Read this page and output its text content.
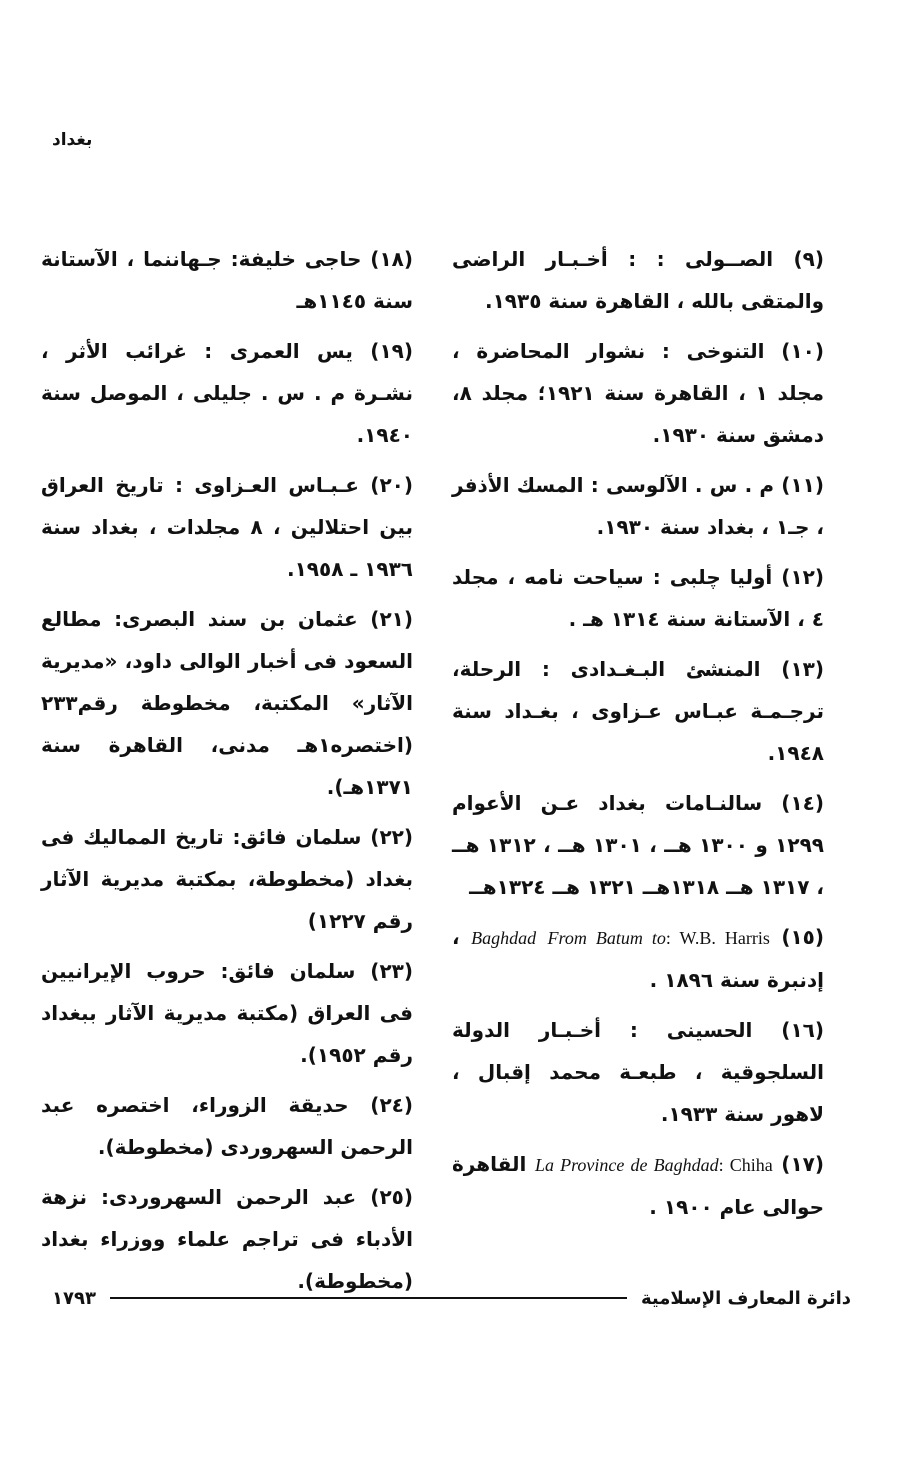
بغداد

(٩) الصــولى : : أخـبـار الراضى والمتقى بالله ، القاهرة سنة ١٩٣٥.

(١٠) التنوخى : نشوار المحاضرة ، مجلد ١ ، القاهرة سنة ١٩٢١؛ مجلد ٨، دمشق سنة ١٩٣٠.

(١١) م . س . الآلوسى : المسك الأذفر ، جـ١ ، بغداد سنة ١٩٣٠.

(١٢) أوليا چلبى : سياحت نامه ، مجلد ٤ ، الآستانة سنة ١٣١٤ هـ .

(١٣) المنشئ البـغـدادى : الرحلة، ترجـمـة عبـاس عـزاوى ، بغـداد سنة ١٩٤٨.

(١٤) سالنـامات بغداد عـن الأعوام ١٢٩٩ و ١٣٠٠ هــ ، ١٣٠١ هــ ، ١٣١٢ هــ ، ١٣١٧ هــ ١٣١٨هــ ١٣٢١ هــ ١٣٢٤هــ

(١٥) From Batum to: W.B. Harris Baghdad ، إدنبرة سنة ١٨٩٦ .

(١٦) الحسينى : أخـبـار الدولة السلجوقية ، طبعـة محمد إقبال ، لاهور سنة ١٩٣٣.

(١٧) La Province de Baghdad: Chiha القاهرة حوالى عام ١٩٠٠ .

(١٨) حاجى خليفة: جـهاننما ، الآستانة سنة ١١٤٥هـ

(١٩) يس العمرى : غرائب الأثر ، نشـرة م . س . جليلى ، الموصل سنة ١٩٤٠.

(٢٠) عـبـاس العـزاوى : تاريخ العراق بين احتلالين ، ٨ مجلدات ، بغداد سنة ١٩٣٦ ـ ١٩٥٨.

(٢١) عثمان بن سند البصرى: مطالع السعود فى أخبار الوالى داود، «مديرية الآثار» المكتبة، مخطوطة رقم٢٣٣ (اختصره١هـ مدنى، القاهرة سنة ١٣٧١هـ).

(٢٢) سلمان فائق: تاريخ المماليك فى بغداد (مخطوطة، بمكتبة مديرية الآثار رقم ١٢٢٧)

(٢٣) سلمان فائق: حروب الإيرانيين فى العراق (مكتبة مديرية الآثار ببغداد رقم ١٩٥٢).

(٢٤) حديقة الزوراء، اختصره عبد الرحمن السهروردى (مخطوطة).

(٢٥) عبد الرحمن السهروردى: نزهة الأدباء فى تراجم علماء ووزراء بغداد (مخطوطة).

دائرة المعارف الإسلامية
١٧٩٣
